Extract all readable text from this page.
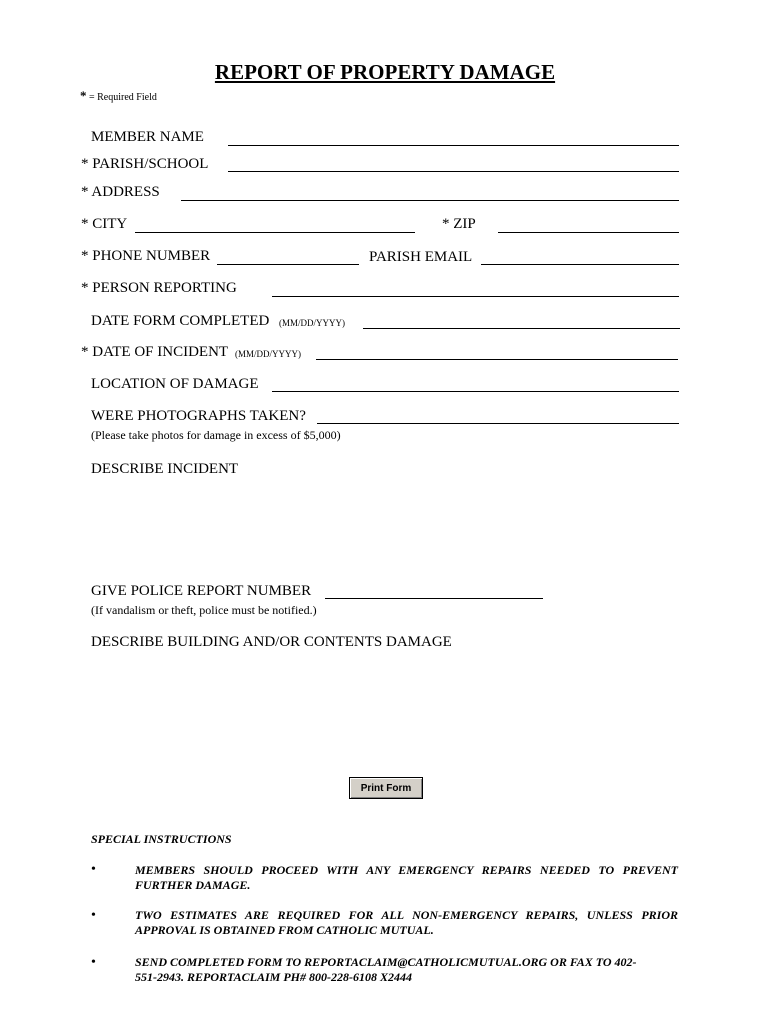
REPORT OF PROPERTY DAMAGE
* = Required Field
MEMBER NAME
* PARISH/SCHOOL
* ADDRESS
* CITY	* ZIP
* PHONE NUMBER	PARISH EMAIL
* PERSON REPORTING
DATE FORM COMPLETED (MM/DD/YYYY)
* DATE OF INCIDENT (MM/DD/YYYY)
LOCATION OF DAMAGE
WERE PHOTOGRAPHS TAKEN?
(Please take photos for damage in excess of $5,000)
DESCRIBE INCIDENT
GIVE POLICE REPORT NUMBER
(If vandalism or theft, police must be notified.)
DESCRIBE BUILDING AND/OR CONTENTS DAMAGE
Print Form
SPECIAL INSTRUCTIONS
•	MEMBERS SHOULD PROCEED WITH ANY EMERGENCY REPAIRS NEEDED TO PREVENT FURTHER DAMAGE.
•	TWO ESTIMATES ARE REQUIRED FOR ALL NON-EMERGENCY REPAIRS, UNLESS PRIOR APPROVAL IS OBTAINED FROM CATHOLIC MUTUAL.
•	SEND COMPLETED FORM TO REPORTACLAIM@CATHOLICMUTUAL.ORG OR FAX TO 402-551-2943. REPORTACLAIM PH# 800-228-6108 X2444
